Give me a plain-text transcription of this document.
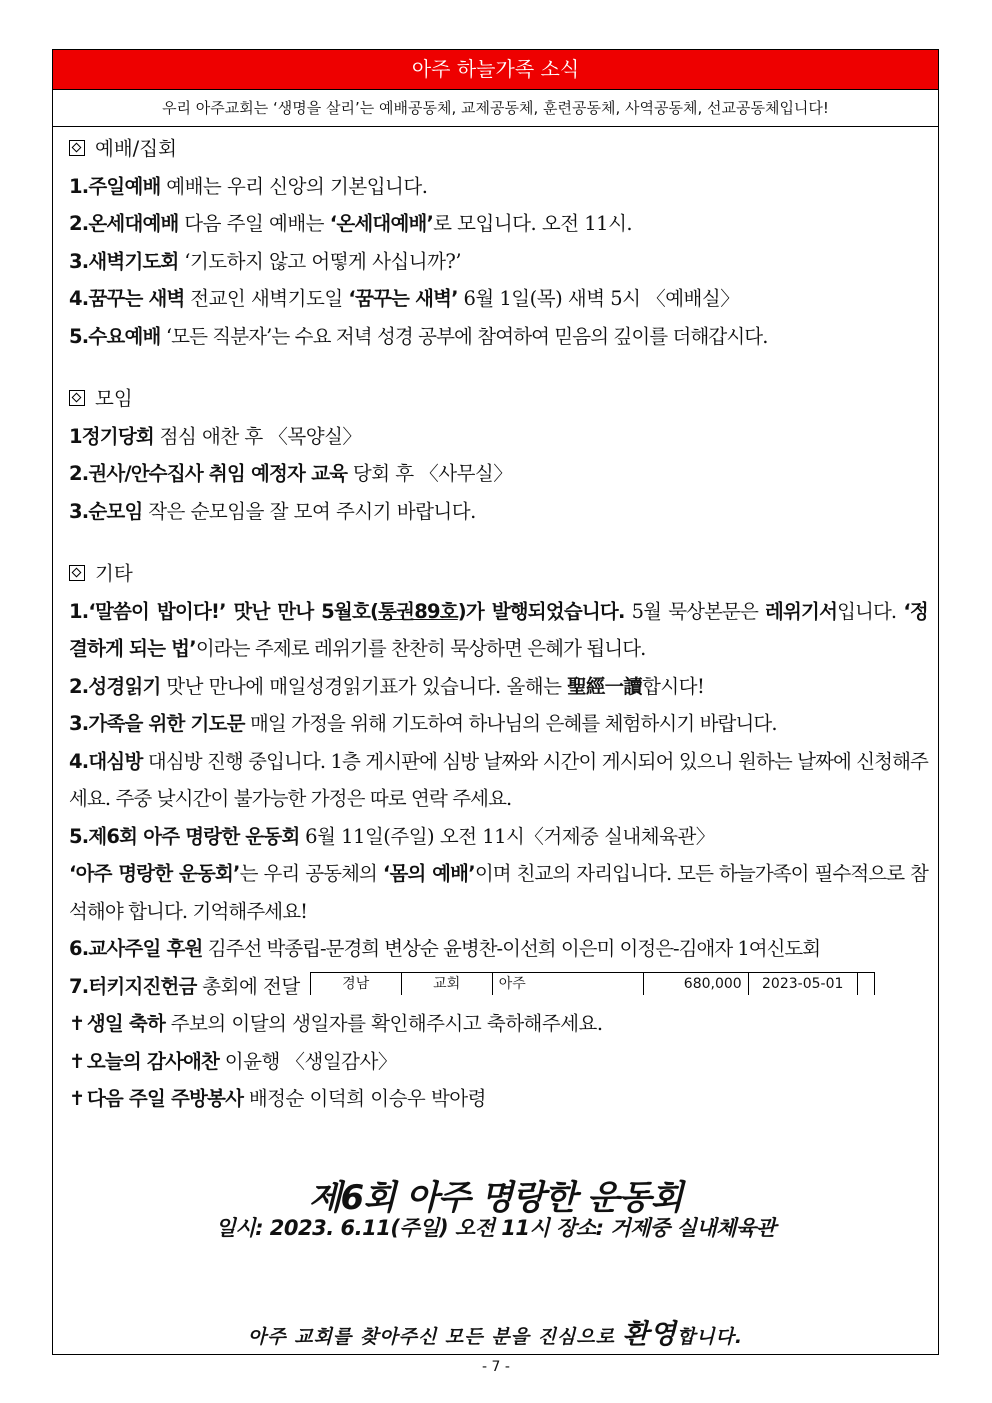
아주 하늘가족 소식
우리 아주교회는 ‘생명을 살리’는 예배공동체, 교제공동체, 훈련공동체, 사역공동체, 선교공동체입니다!
예배/집회
1.주일예배 예배는 우리 신앙의 기본입니다.
2.온세대예배 다음 주일 예배는 ‘온세대예배’로 모입니다. 오전 11시.
3.새벽기도회 ‘기도하지 않고 어떻게 사십니까?’
4.꿈꾸는 새벽 전교인 새벽기도일 ‘꿈꾸는 새벽’ 6월 1일(목) 새벽 5시 〈예배실〉
5.수요예배 ‘모든 직분자’는 수요 저녁 성경 공부에 참여하여 믿음의 깊이를 더해갑시다.
모임
1정기당회 점심 애찬 후 〈목양실〉
2.권사/안수집사 취임 예정자 교육 당회 후 〈사무실〉
3.순모임 작은 순모임을 잘 모여 주시기 바랍니다.
기타
1.‘말씀이 밥이다!’ 맛난 만나 5월호(통권89호)가 발행되었습니다. 5월 묵상본문은 레위기서입니다. ‘정결하게 되는 법’이라는 주제로 레위기를 찬찬히 묵상하면 은혜가 됩니다.
2.성경읽기 맛난 만나에 매일성경읽기표가 있습니다. 올해는 聖經一讀합시다!
3.가족을 위한 기도문 매일 가정을 위해 기도하여 하나님의 은혜를 체험하시기 바랍니다.
4.대심방 대심방 진행 중입니다. 1층 게시판에 심방 날짜와 시간이 게시되어 있으니 원하는 날짜에 신청해주세요. 주중 낮시간이 불가능한 가정은 따로 연락 주세요.
5.제6회 아주 명랑한 운동회 6월 11일(주일) 오전 11시〈거제중 실내체육관〉
‘아주 명랑한 운동회’는 우리 공동체의 ‘몸의 예배’이며 친교의 자리입니다. 모든 하늘가족이 필수적으로 참석해야 합니다. 기억해주세요!
6.교사주일 후원 김주선 박종립-문경희 변상순 윤병찬-이선희 이은미 이정은-김애자 1여신도회
7.터키지진헌금 총회에 전달	경남	교회	아주	680,000	2023-05-01	
✝ 생일 축하 주보의 이달의 생일자를 확인해주시고 축하해주세요.
✝ 오늘의 감사애찬 이윤행 〈생일감사〉
✝ 다음 주일 주방봉사 배정순 이덕희 이승우 박아령
제6회 아주 명랑한 운동회
일시: 2023. 6.11(주일) 오전 11시 장소: 거제중 실내체육관
아주 교회를 찾아주신 모든 분을 진심으로 환영합니다.
- 7 -
